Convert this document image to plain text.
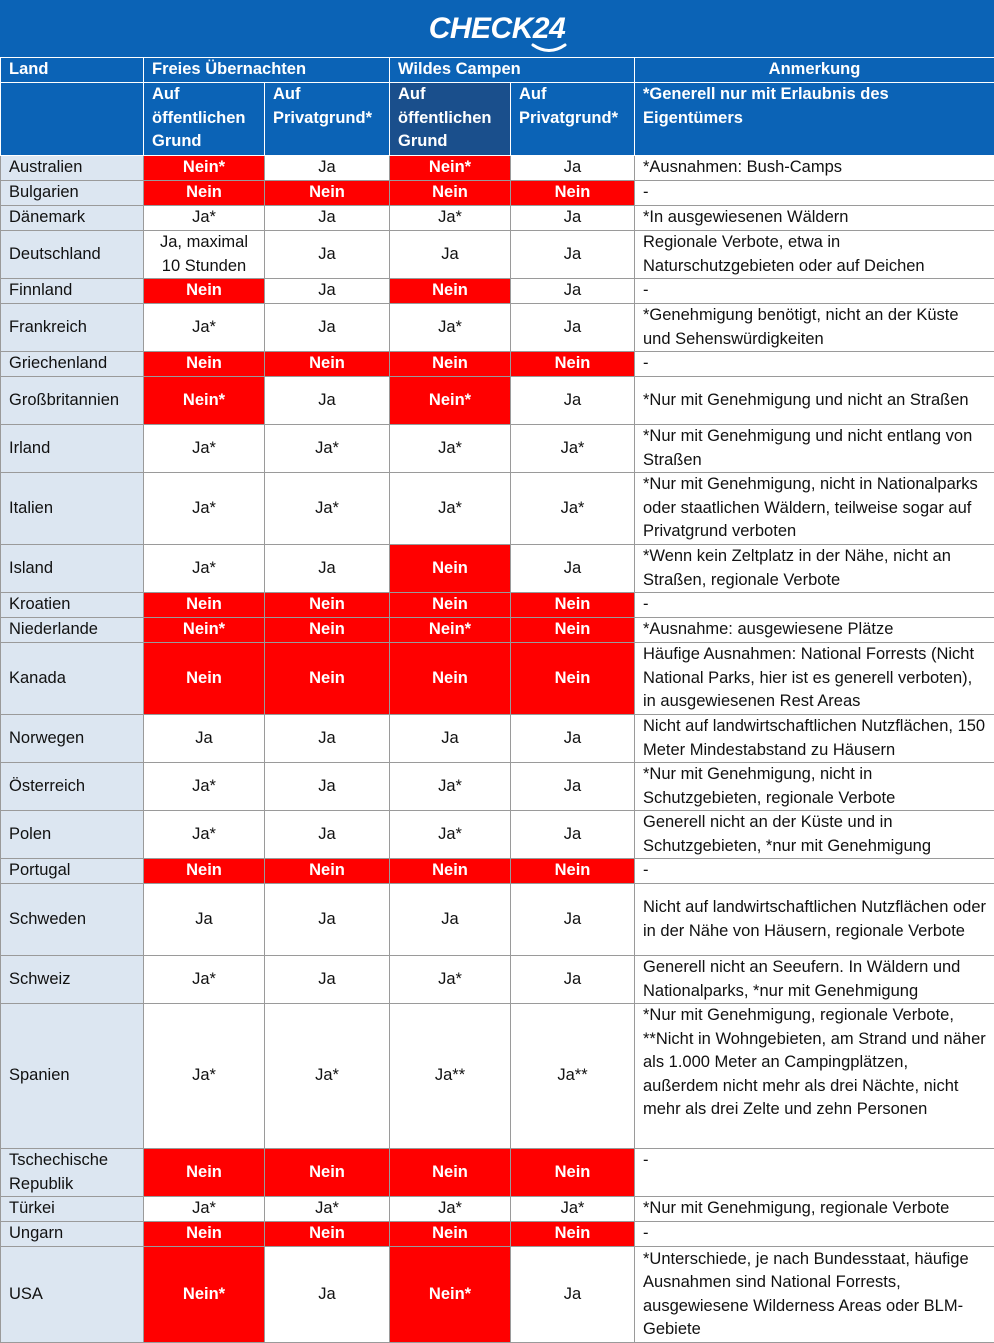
CHECK24
Land	Freies Übernachten		Wildes Campen		Anmerkung
	Auf öffentlichen Grund	Auf Privatgrund*	Auf öffentlichen Grund	Auf Privatgrund*	*Generell nur mit Erlaubnis des Eigentümers
Australien	Nein*	Ja	Nein*	Ja	*Ausnahmen: Bush-Camps
Bulgarien	Nein	Nein	Nein	Nein	-
Dänemark	Ja*	Ja	Ja*	Ja	*In ausgewiesenen Wäldern
Deutschland	Ja, maximal 10 Stunden	Ja	Ja	Ja	Regionale Verbote, etwa in Naturschutzgebieten oder auf Deichen
Finnland	Nein	Ja	Nein	Ja	-
Frankreich	Ja*	Ja	Ja*	Ja	*Genehmigung benötigt, nicht an der Küste und Sehenswürdigkeiten
Griechenland	Nein	Nein	Nein	Nein	-
Großbritannien	Nein*	Ja	Nein*	Ja	*Nur mit Genehmigung und nicht an Straßen
Irland	Ja*	Ja*	Ja*	Ja*	*Nur mit Genehmigung und nicht entlang von Straßen
Italien	Ja*	Ja*	Ja*	Ja*	*Nur mit Genehmigung, nicht in Nationalparks oder staatlichen Wäldern, teilweise sogar auf Privatgrund verboten
Island	Ja*	Ja	Nein	Ja	*Wenn kein Zeltplatz in der Nähe, nicht an Straßen, regionale Verbote
Kroatien	Nein	Nein	Nein	Nein	-
Niederlande	Nein*	Nein	Nein*	Nein	*Ausnahme: ausgewiesene Plätze
Kanada	Nein	Nein	Nein	Nein	Häufige Ausnahmen: National Forrests (Nicht National Parks, hier ist es generell verboten), in ausgewiesenen Rest Areas
Norwegen	Ja	Ja	Ja	Ja	Nicht auf landwirtschaftlichen Nutzflächen, 150 Meter Mindestabstand zu Häusern
Österreich	Ja*	Ja	Ja*	Ja	*Nur mit Genehmigung, nicht in Schutzgebieten, regionale Verbote
Polen	Ja*	Ja	Ja*	Ja	Generell nicht an der Küste und in Schutzgebieten, *nur mit Genehmigung
Portugal	Nein	Nein	Nein	Nein	-
Schweden	Ja	Ja	Ja	Ja	Nicht auf landwirtschaftlichen Nutzflächen oder in der Nähe von Häusern, regionale Verbote
Schweiz	Ja*	Ja	Ja*	Ja	Generell nicht an Seeufern. In Wäldern und Nationalparks, *nur mit Genehmigung
Spanien	Ja*	Ja*	Ja**	Ja**	*Nur mit Genehmigung, regionale Verbote, **Nicht in Wohngebieten, am Strand und näher als 1.000 Meter an Campingplätzen, außerdem nicht mehr als drei Nächte, nicht mehr als drei Zelte und zehn Personen
Tschechische Republik	Nein	Nein	Nein	Nein	-
Türkei	Ja*	Ja*	Ja*	Ja*	*Nur mit Genehmigung, regionale Verbote
Ungarn	Nein	Nein	Nein	Nein	-
USA	Nein*	Ja	Nein*	Ja	*Unterschiede, je nach Bundesstaat, häufige Ausnahmen sind National Forrests, ausgewiesene Wilderness Areas oder BLM-Gebiete
